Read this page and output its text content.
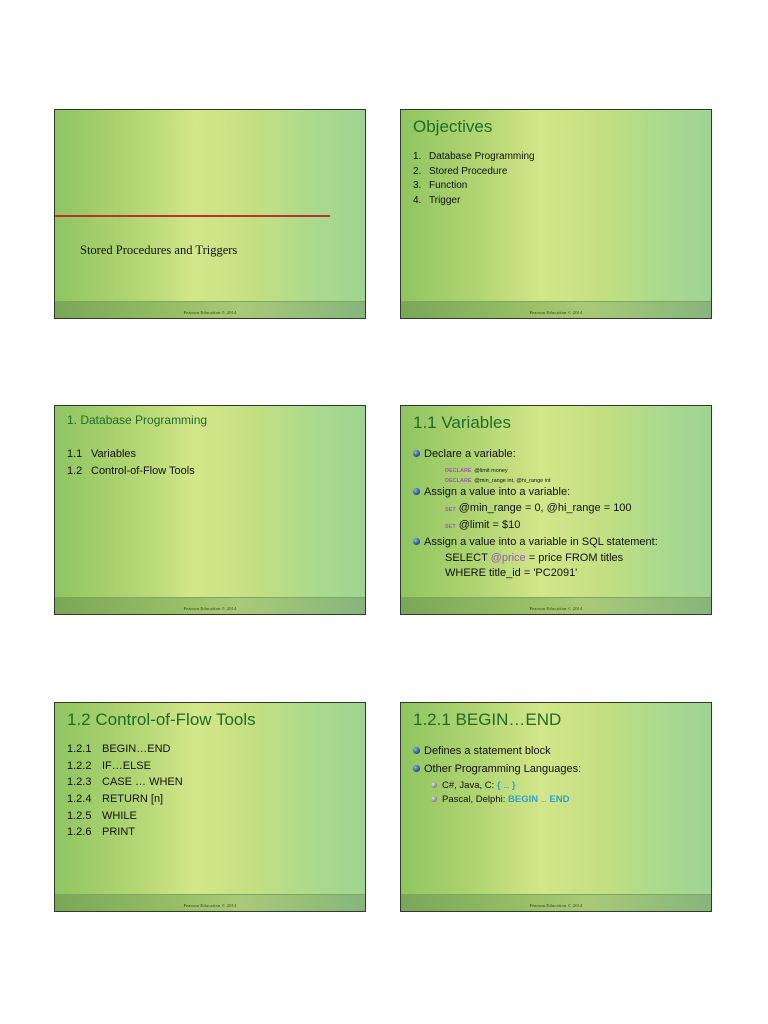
Stored Procedures and Triggers
Pearson Education © 2014
Objectives
1. Database Programming
2. Stored Procedure
3. Function
4. Trigger
Pearson Education © 2014
1. Database Programming
1.1 Variables
1.2 Control-of-Flow Tools
Pearson Education © 2014
1.1 Variables
Declare a variable:
DECLARE @limit money
DECLARE @min_range int, @hi_range int
Assign a value into a variable:
SET @min_range = 0, @hi_range = 100
SET @limit = $10
Assign a value into a variable in SQL statement:
SELECT @price = price FROM titles
WHERE title_id = 'PC2091'
Pearson Education © 2014
1.2 Control-of-Flow Tools
1.2.1 BEGIN…END
1.2.2 IF…ELSE
1.2.3 CASE … WHEN
1.2.4 RETURN [n]
1.2.5 WHILE
1.2.6 PRINT
Pearson Education © 2014
1.2.1 BEGIN…END
Defines a statement block
Other Programming Languages:
C#, Java, C: { … }
Pascal, Delphi: BEGIN … END
Pearson Education © 2014
